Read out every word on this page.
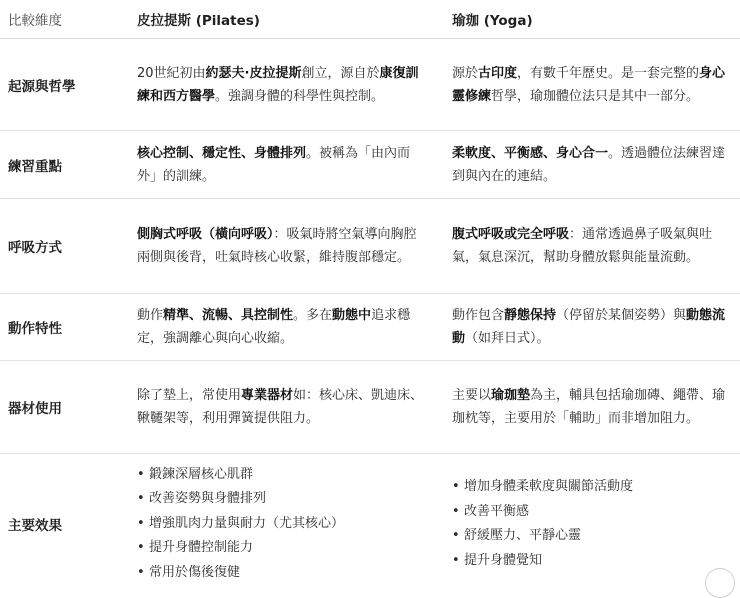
比較維度	皮拉提斯 (Pilates)	瑜珈 (Yoga)
起源與哲學
20世紀初由約瑟夫·皮拉提斯創立，源自於康復訓練和西方醫學。強調身體的科學性與控制。
源於古印度，有數千年歷史。是一套完整的身心靈修練哲學，瑜珈體位法只是其中一部分。
練習重點
核心控制、穩定性、身體排列。被稱為「由內而外」的訓練。
柔軟度、平衡感、身心合一。透過體位法練習達到與內在的連結。
呼吸方式
側胸式呼吸（橫向呼吸）：吸氣時將空氣導向胸腔兩側與後背，吐氣時核心收緊，維持腹部穩定。
腹式呼吸或完全呼吸：通常透過鼻子吸氣與吐氣，氣息深沉，幫助身體放鬆與能量流動。
動作特性
動作精準、流暢、具控制性。多在動態中追求穩定，強調離心與向心收縮。
動作包含靜態保持（停留於某個姿勢）與動態流動（如拜日式）。
器材使用
除了墊上，常使用專業器材如：核心床、凱迪床、鞦韆架等，利用彈簧提供阻力。
主要以瑜珈墊為主，輔具包括瑜珈磚、繩帶、瑜珈枕等，主要用於「輔助」而非增加阻力。
主要效果
• 鍛鍊深層核心肌群
• 改善姿勢與身體排列
• 增強肌肉力量與耐力（尤其核心）
• 提升身體控制能力
• 常用於傷後復健
• 增加身體柔軟度與關節活動度
• 改善平衡感
• 舒緩壓力、平靜心靈
• 提升身體覺知
